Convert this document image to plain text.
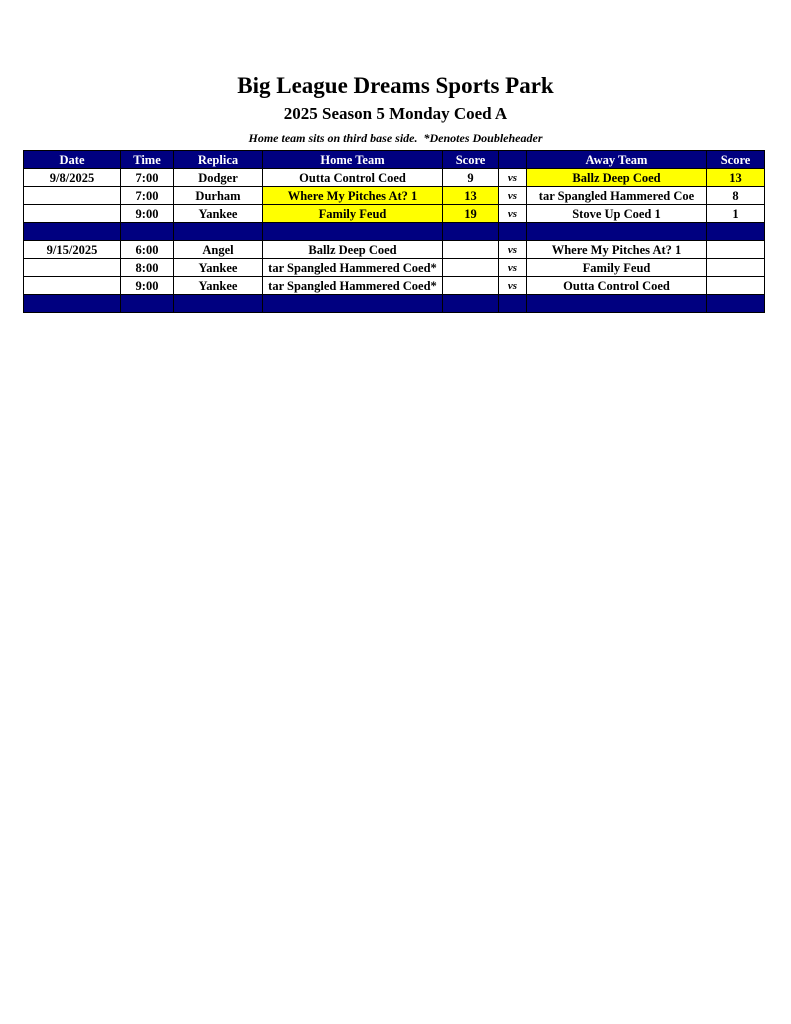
Big League Dreams Sports Park
2025 Season 5 Monday Coed A
Home team sits on third base side.  *Denotes Doubleheader
Date	Time	Replica	Home Team	Score		Away Team	Score
9/8/2025	7:00	Dodger	Outta Control Coed	9	vs	Ballz Deep Coed	13
	7:00	Durham	Where My Pitches At? 1	13	vs	tar Spangled Hammered Coe	8
	9:00	Yankee	Family Feud	19	vs	Stove Up Coed 1	1

9/15/2025	6:00	Angel	Ballz Deep Coed		vs	Where My Pitches At? 1	
	8:00	Yankee	tar Spangled Hammered Coed*		vs	Family Feud	
	9:00	Yankee	tar Spangled Hammered Coed*		vs	Outta Control Coed	
